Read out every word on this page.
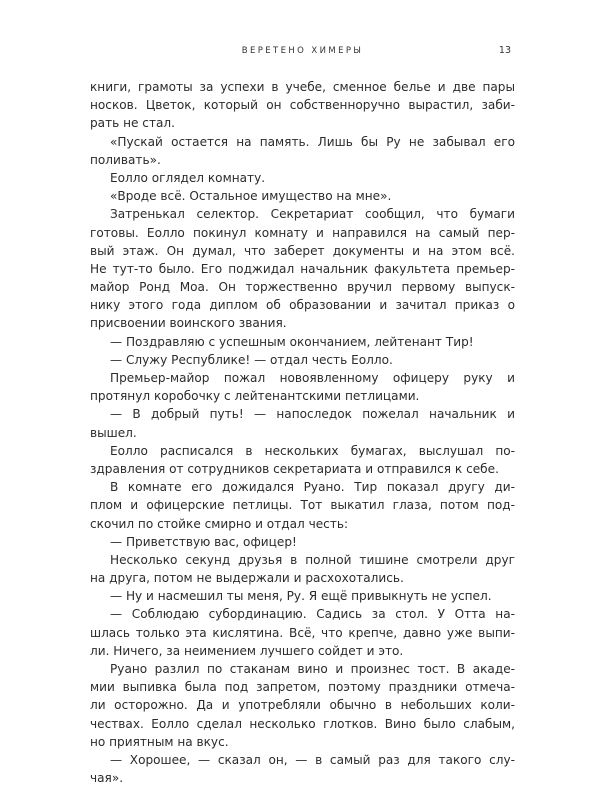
ВЕРЕТЕНО ХИМЕРЫ	13
книги, грамоты за успехи в учебе, сменное белье и две пары
носков. Цветок, который он собственноручно вырастил, заби-
рать не стал.
«Пускай остается на память. Лишь бы Ру не забывал его
поливать».
Еолло оглядел комнату.
«Вроде всё. Остальное имущество на мне».
Затренькал селектор. Секретариат сообщил, что бумаги
готовы. Еолло покинул комнату и направился на самый пер-
вый этаж. Он думал, что заберет документы и на этом всё.
Не тут-то было. Его поджидал начальник факультета премьер-
майор Ронд Моа. Он торжественно вручил первому выпуск-
нику этого года диплом об образовании и зачитал приказ о
присвоении воинского звания.
— Поздравляю с успешным окончанием, лейтенант Тир!
— Служу Республике! — отдал честь Еолло.
Премьер-майор пожал новоявленному офицеру руку и
протянул коробочку с лейтенантскими петлицами.
— В добрый путь! — напоследок пожелал начальник и
вышел.
Еолло расписался в нескольких бумагах, выслушал по-
здравления от сотрудников секретариата и отправился к себе.
В комнате его дожидался Руано. Тир показал другу ди-
плом и офицерские петлицы. Тот выкатил глаза, потом под-
скочил по стойке смирно и отдал честь:
— Приветствую вас, офицер!
Несколько секунд друзья в полной тишине смотрели друг
на друга, потом не выдержали и расхохотались.
— Ну и насмешил ты меня, Ру. Я ещё привыкнуть не успел.
— Соблюдаю субординацию. Садись за стол. У Отта на-
шлась только эта кислятина. Всё, что крепче, давно уже выпи-
ли. Ничего, за неимением лучшего сойдет и это.
Руано разлил по стаканам вино и произнес тост. В акаде-
мии выпивка была под запретом, поэтому праздники отмеча-
ли осторожно. Да и употребляли обычно в небольших коли-
чествах. Еолло сделал несколько глотков. Вино было слабым,
но приятным на вкус.
— Хорошее, — сказал он, — в самый раз для такого слу-
чая».
